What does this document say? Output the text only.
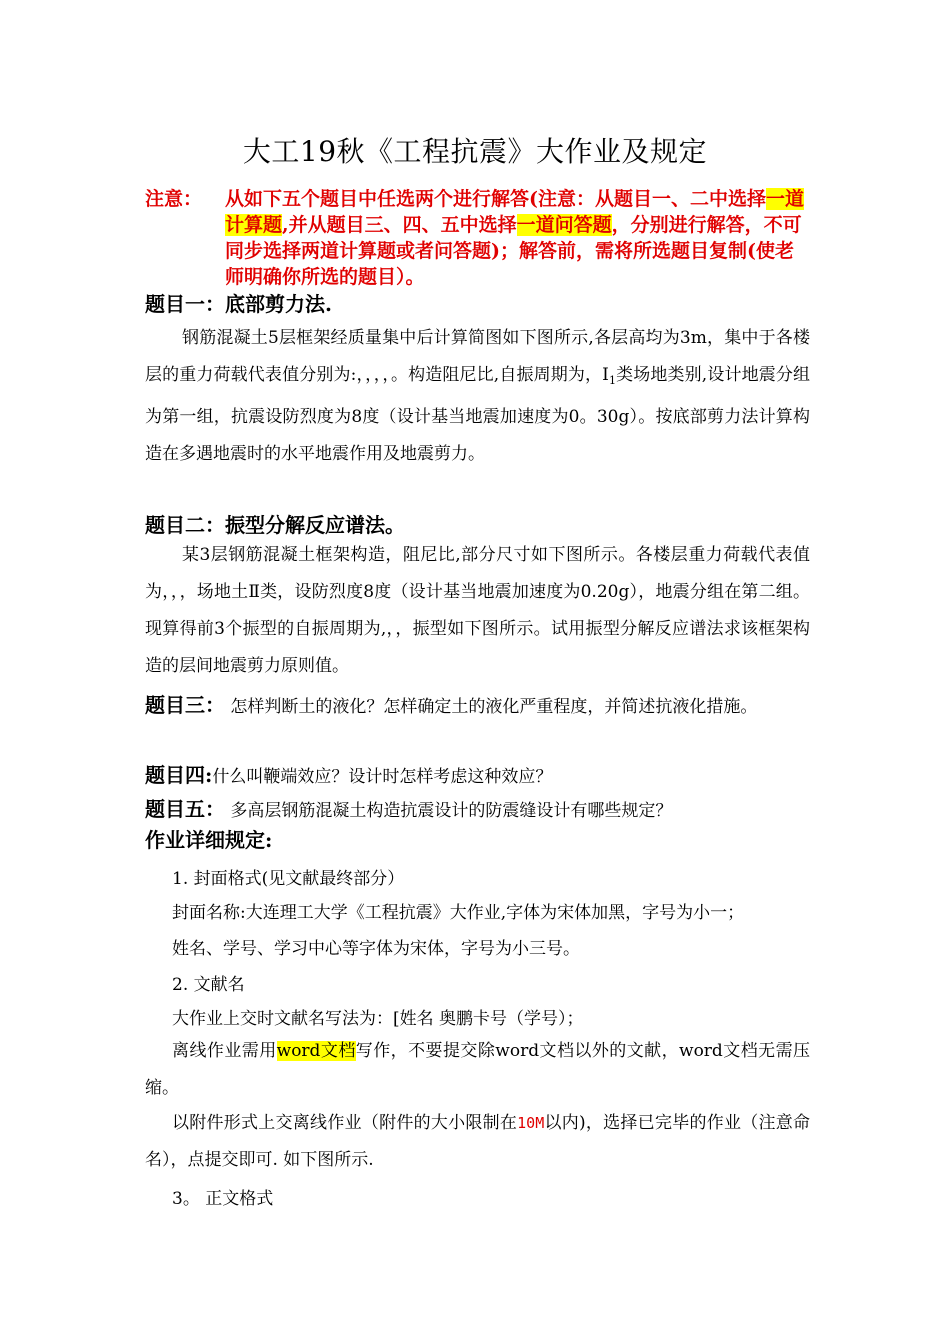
大工19秋《工程抗震》大作业及规定
注意： 从如下五个题目中任选两个进行解答(注意：从题目一、二中选择一道计算题,并从题目三、四、五中选择一道问答题，分别进行解答，不可同步选择两道计算题或者问答题)；解答前，需将所选题目复制(使老师明确你所选的题目）。
题目一：底部剪力法.
钢筋混凝土5层框架经质量集中后计算简图如下图所示,各层高均为3m，集中于各楼层的重力荷载代表值分别为:，，，，。构造阻尼比,自振周期为，$Ⅰ_1$类场地类别,设计地震分组为第一组，抗震设防烈度为8度（设计基当地震加速度为0。30g）。按底部剪力法计算构造在多遇地震时的水平地震作用及地震剪力。
题目二：振型分解反应谱法。
某3层钢筋混凝土框架构造，阻尼比,部分尺寸如下图所示。各楼层重力荷载代表值为，，，场地土Ⅱ类，设防烈度8度（设计基当地震加速度为0.20g），地震分组在第二组。现算得前3个振型的自振周期为,，，振型如下图所示。试用振型分解反应谱法求该框架构造的层间地震剪力原则值。
题目三： 怎样判断土的液化？怎样确定土的液化严重程度，并简述抗液化措施。
题目四:什么叫鞭端效应？设计时怎样考虑这种效应？
题目五： 多高层钢筋混凝土构造抗震设计的防震缝设计有哪些规定？
作业详细规定:
1. 封面格式(见文献最终部分）
封面名称:大连理工大学《工程抗震》大作业,字体为宋体加黑，字号为小一；
姓名、学号、学习中心等字体为宋体，字号为小三号。
2. 文献名
大作业上交时文献名写法为：[姓名 奥鹏卡号（学号）；
离线作业需用word文档写作，不要提交除word文档以外的文献，word文档无需压缩。
以附件形式上交离线作业（附件的大小限制在10M以内)，选择已完毕的作业（注意命名），点提交即可. 如下图所示.
3。 正文格式
